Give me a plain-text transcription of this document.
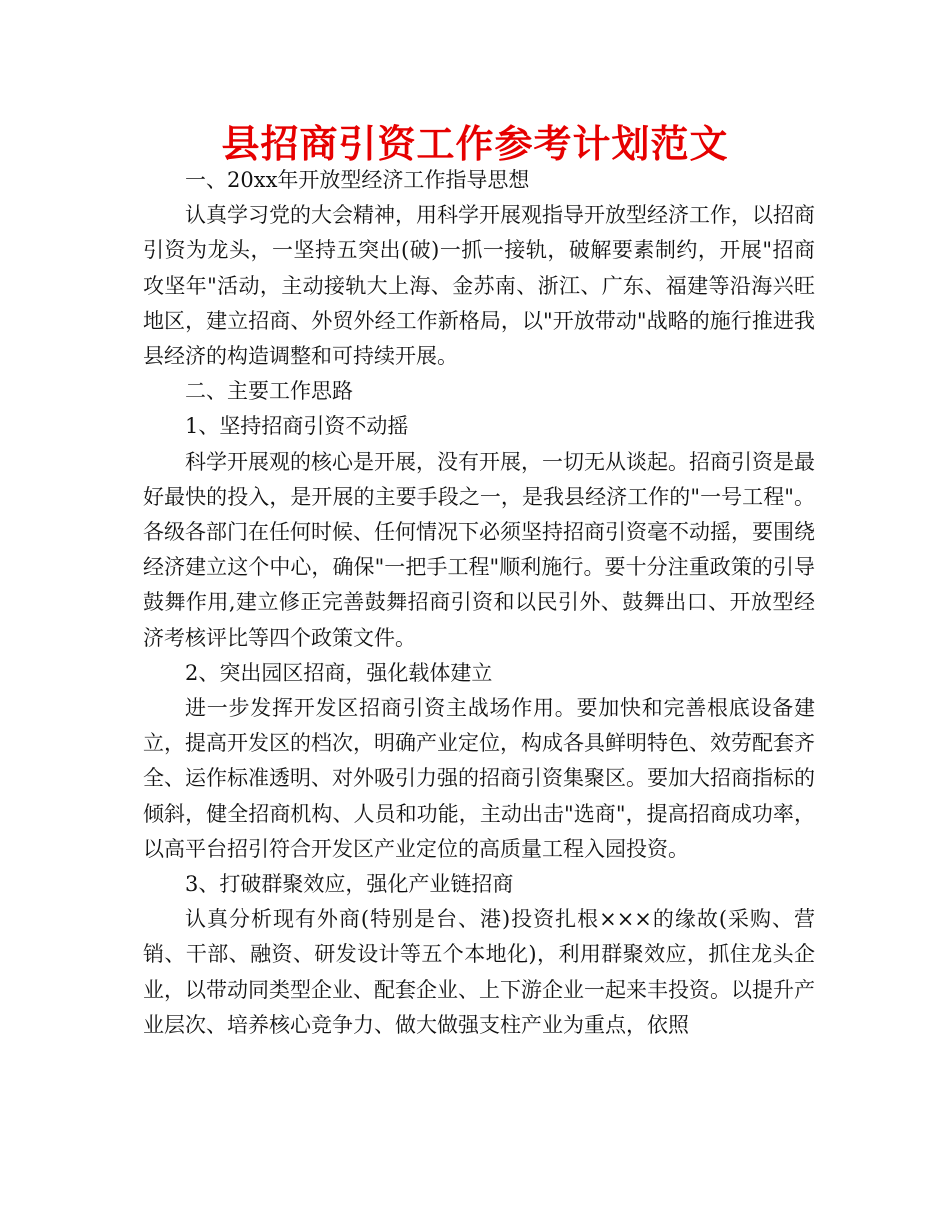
县招商引资工作参考计划范文

一、20xx年开放型经济工作指导思想

认真学习党的大会精神，用科学开展观指导开放型经济工作，以招商引资为龙头，一坚持五突出(破)一抓一接轨，破解要素制约，开展"招商攻坚年"活动，主动接轨大上海、金苏南、浙江、广东、福建等沿海兴旺地区，建立招商、外贸外经工作新格局，以"开放带动"战略的施行推进我县经济的构造调整和可持续开展。

二、主要工作思路

1、坚持招商引资不动摇

科学开展观的核心是开展，没有开展，一切无从谈起。招商引资是最好最快的投入，是开展的主要手段之一，是我县经济工作的"一号工程"。各级各部门在任何时候、任何情况下必须坚持招商引资毫不动摇，要围绕经济建立这个中心，确保"一把手工程"顺利施行。要十分注重政策的引导鼓舞作用,建立修正完善鼓舞招商引资和以民引外、鼓舞出口、开放型经济考核评比等四个政策文件。

2、突出园区招商，强化载体建立

进一步发挥开发区招商引资主战场作用。要加快和完善根底设备建立，提高开发区的档次，明确产业定位，构成各具鲜明特色、效劳配套齐全、运作标准透明、对外吸引力强的招商引资集聚区。要加大招商指标的倾斜，健全招商机构、人员和功能，主动出击"选商"，提高招商成功率，以高平台招引符合开发区产业定位的高质量工程入园投资。

3、打破群聚效应，强化产业链招商

认真分析现有外商(特别是台、港)投资扎根×××的缘故(采购、营销、干部、融资、研发设计等五个本地化)，利用群聚效应，抓住龙头企业，以带动同类型企业、配套企业、上下游企业一起来丰投资。以提升产业层次、培养核心竞争力、做大做强支柱产业为重点，依照
